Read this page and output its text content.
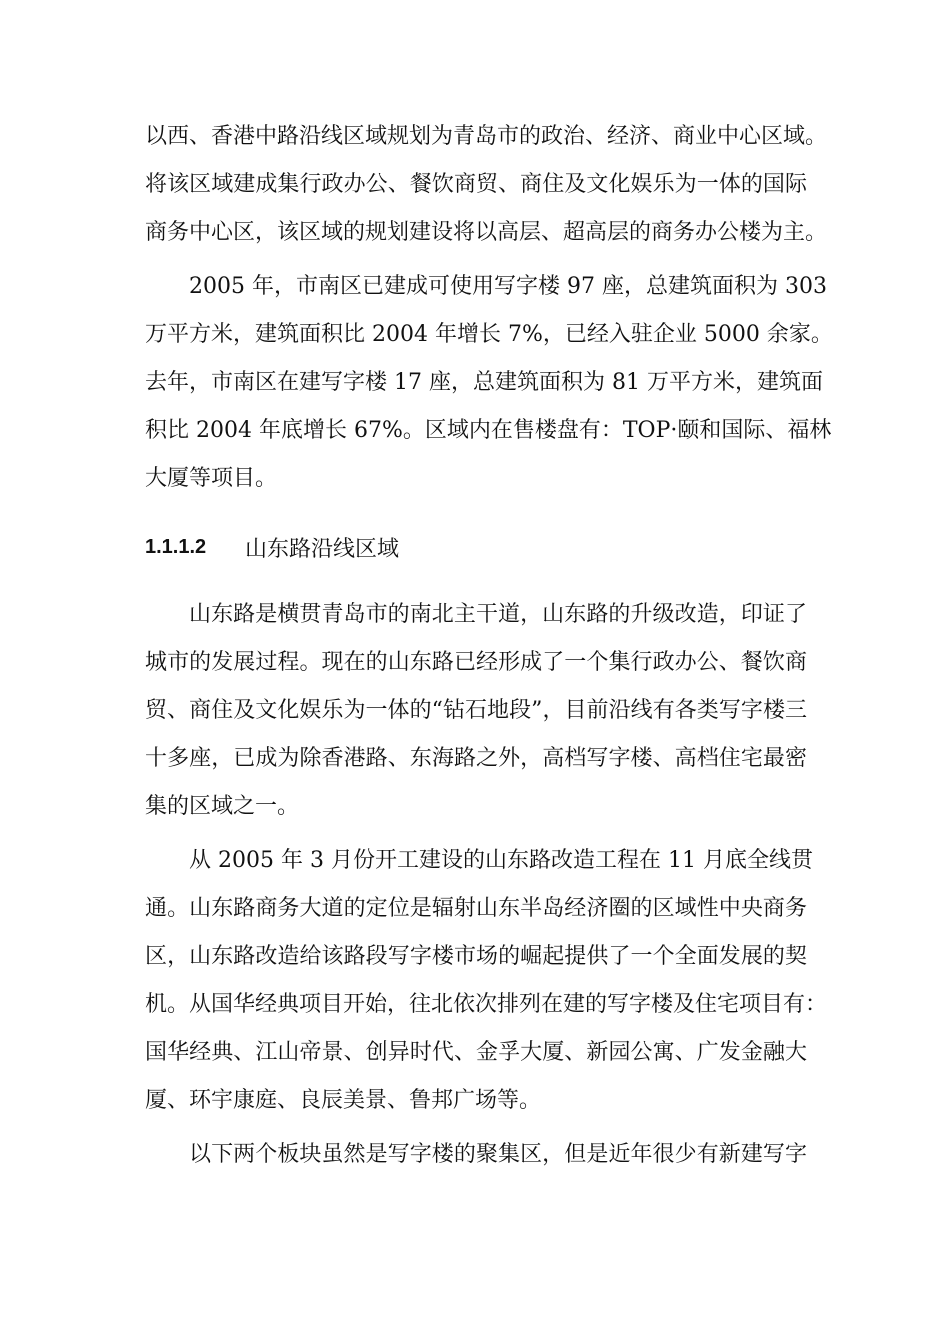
以西、香港中路沿线区域规划为青岛市的政治、经济、商业中心区域。
将该区域建成集行政办公、餐饮商贸、商住及文化娱乐为一体的国际
商务中心区，该区域的规划建设将以高层、超高层的商务办公楼为主。
2005 年，市南区已建成可使用写字楼 97 座，总建筑面积为 303
万平方米，建筑面积比 2004 年增长 7%，已经入驻企业 5000 余家。
去年，市南区在建写字楼 17 座，总建筑面积为 81 万平方米，建筑面
积比 2004 年底增长 67%。区域内在售楼盘有：TOP·颐和国际、福林
大厦等项目。
1.1.1.2	山东路沿线区域
山东路是横贯青岛市的南北主干道，山东路的升级改造，印证了
城市的发展过程。现在的山东路已经形成了一个集行政办公、餐饮商
贸、商住及文化娱乐为一体的“钻石地段”，目前沿线有各类写字楼三
十多座，已成为除香港路、东海路之外，高档写字楼、高档住宅最密
集的区域之一。
从 2005 年 3 月份开工建设的山东路改造工程在 11 月底全线贯
通。山东路商务大道的定位是辐射山东半岛经济圈的区域性中央商务
区，山东路改造给该路段写字楼市场的崛起提供了一个全面发展的契
机。从国华经典项目开始，往北依次排列在建的写字楼及住宅项目有：
国华经典、江山帝景、创异时代、金孚大厦、新园公寓、广发金融大
厦、环宇康庭、良辰美景、鲁邦广场等。
以下两个板块虽然是写字楼的聚集区，但是近年很少有新建写字
